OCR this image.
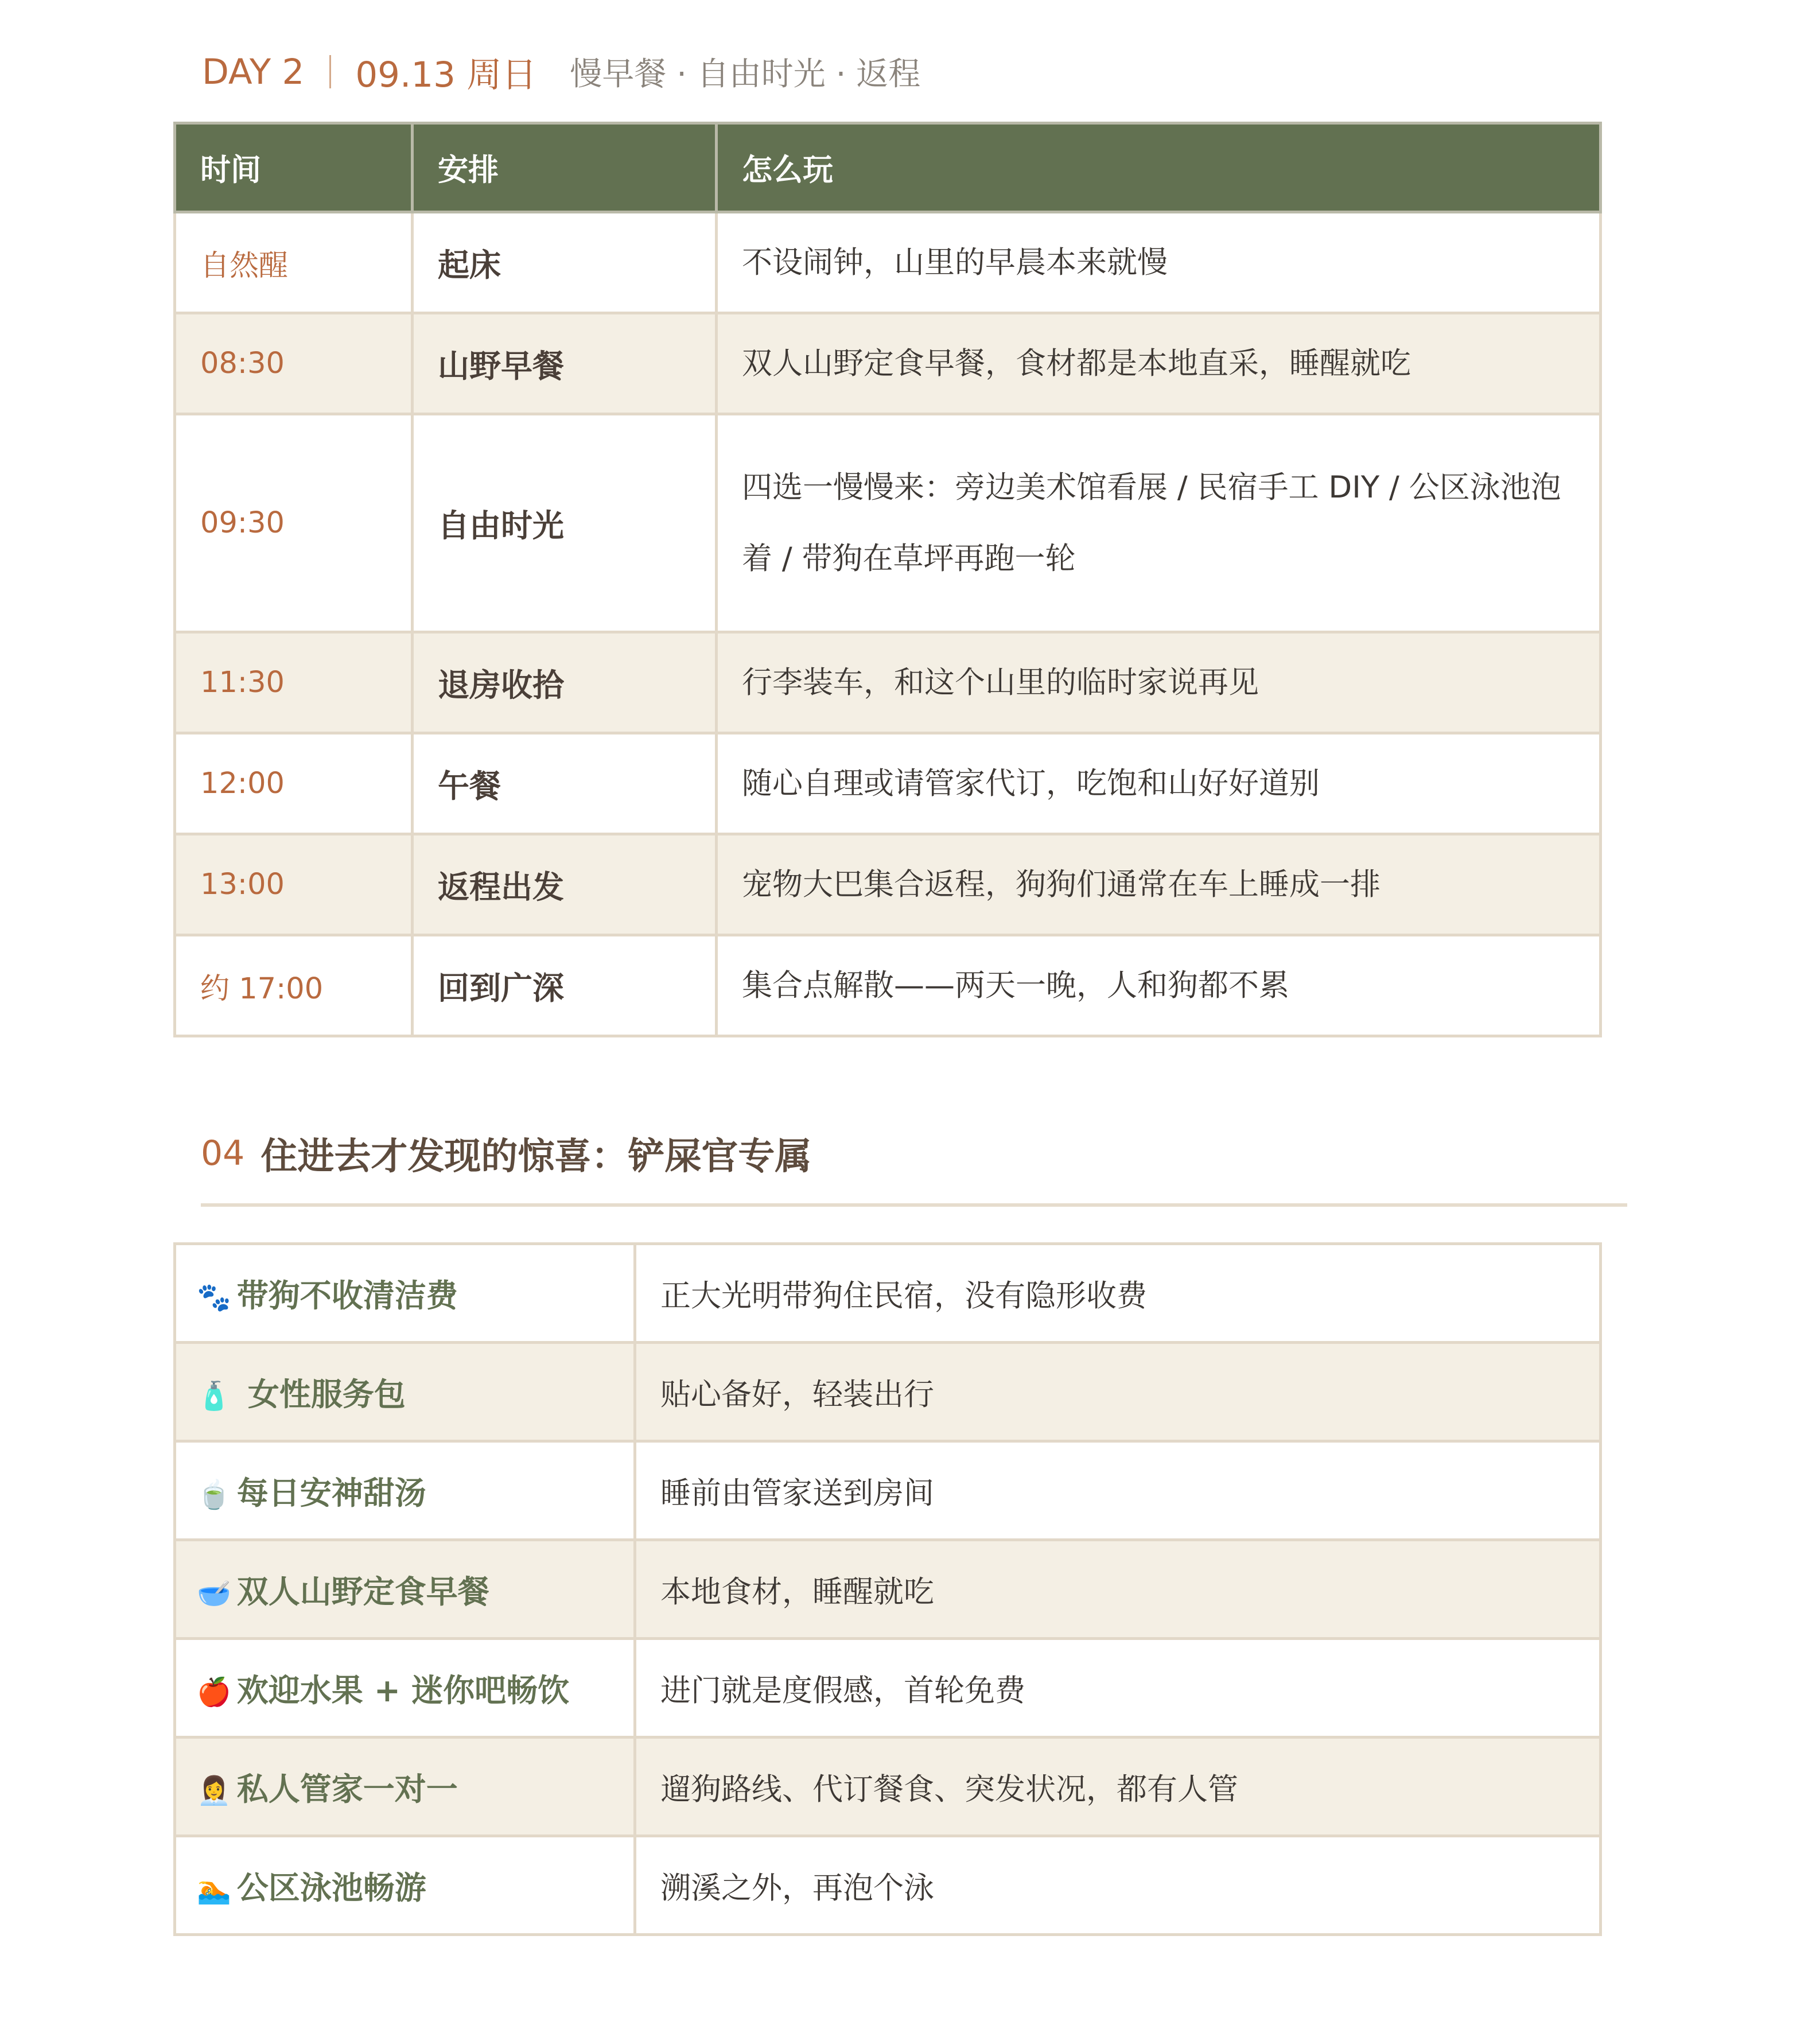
DAY 2 09.13 周日 慢早餐 · 自由时光 · 返程
时间	安排	怎么玩
自然醒	起床	不设闹钟，山里的早晨本来就慢
08:30	山野早餐	双人山野定食早餐，食材都是本地直采，睡醒就吃
09:30	自由时光	四选一慢慢来：旁边美术馆看展 / 民宿手工 DIY / 公区泳池泡着 / 带狗在草坪再跑一轮
11:30	退房收拾	行李装车，和这个山里的临时家说再见
12:00	午餐	随心自理或请管家代订，吃饱和山好好道别
13:00	返程出发	宠物大巴集合返程，狗狗们通常在车上睡成一排
约 17:00	回到广深	集合点解散——两天一晚，人和狗都不累
04 住进去才发现的惊喜：铲屎官专属
🐾 带狗不收清洁费	正大光明带狗住民宿，没有隐形收费
🧴 女性服务包	贴心备好，轻装出行
🍵 每日安神甜汤	睡前由管家送到房间
🥣 双人山野定食早餐	本地食材，睡醒就吃
🍎 欢迎水果 + 迷你吧畅饮	进门就是度假感，首轮免费
👩‍💼 私人管家一对一	遛狗路线、代订餐食、突发状况，都有人管
🏊 公区泳池畅游	溯溪之外，再泡个泳
